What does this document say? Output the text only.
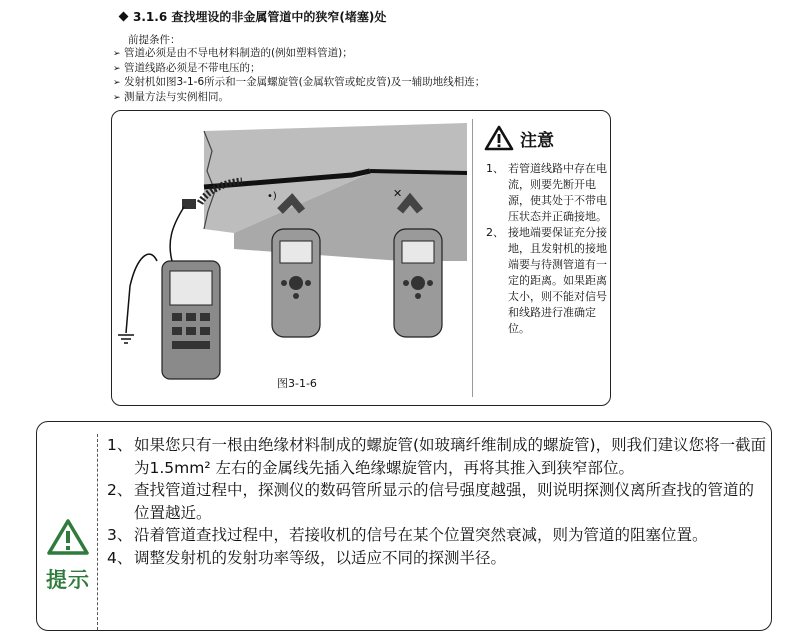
3.1.6 查找埋设的非金属管道中的狭窄(堵塞)处
前提条件：
➢ 管道必须是由不导电材料制造的(例如塑料管道)；
➢ 管道线路必须是不带电压的；
➢ 发射机如图3-1-6所示和一金属螺旋管(金属软管或蛇皮管)及一辅助地线相连；
➢ 测量方法与实例相同。
•)	✕
图3-1-6
注意
1、 若管道线路中存在电流，则要先断开电源，使其处于不带电压状态并正确接地。
2、 接地端要保证充分接地，且发射机的接地端要与待测管道有一定的距离。如果距离太小，则不能对信号和线路进行准确定位。
提示
1、 如果您只有一根由绝缘材料制成的螺旋管(如玻璃纤维制成的螺旋管)，则我们建议您将一截面为1.5mm² 左右的金属线先插入绝缘螺旋管内，再将其推入到狭窄部位。
2、 查找管道过程中，探测仪的数码管所显示的信号强度越强，则说明探测仪离所查找的管道的位置越近。
3、 沿着管道查找过程中，若接收机的信号在某个位置突然衰减，则为管道的阻塞位置。
4、 调整发射机的发射功率等级，以适应不同的探测半径。
